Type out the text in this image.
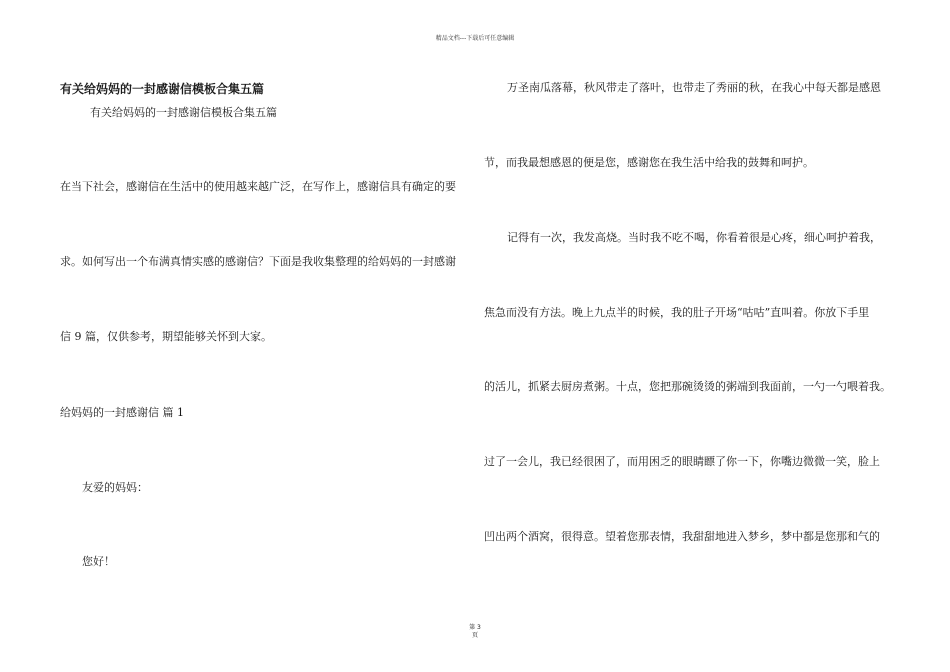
精品文档---下载后可任意编辑
有关给妈妈的一封感谢信模板合集五篇
有关给妈妈的一封感谢信模板合集五篇
在当下社会，感谢信在生活中的使用越来越广泛，在写作上，感谢信具有确定的要
求。如何写出一个布满真情实感的感谢信？下面是我收集整理的给妈妈的一封感谢
信 9 篇，仅供参考，期望能够关怀到大家。
给妈妈的一封感谢信 篇 1
友爱的妈妈：
您好！
万圣南瓜落幕，秋风带走了落叶，也带走了秀丽的秋，在我心中每天都是感恩
节，而我最想感恩的便是您，感谢您在我生活中给我的鼓舞和呵护。
记得有一次，我发高烧。当时我不吃不喝，你看着很是心疼，细心呵护着我，
焦急而没有方法。晚上九点半的时候，我的肚子开场“咕咕”直叫着。你放下手里
的活儿，抓紧去厨房煮粥。十点，您把那碗烫烫的粥端到我面前，一勺一勺喂着我。
过了一会儿，我已经很困了，而用困乏的眼睛瞟了你一下，你嘴边微微一笑，脸上
凹出两个酒窝，很得意。望着您那表情，我甜甜地进入梦乡，梦中都是您那和气的
第 3
页
